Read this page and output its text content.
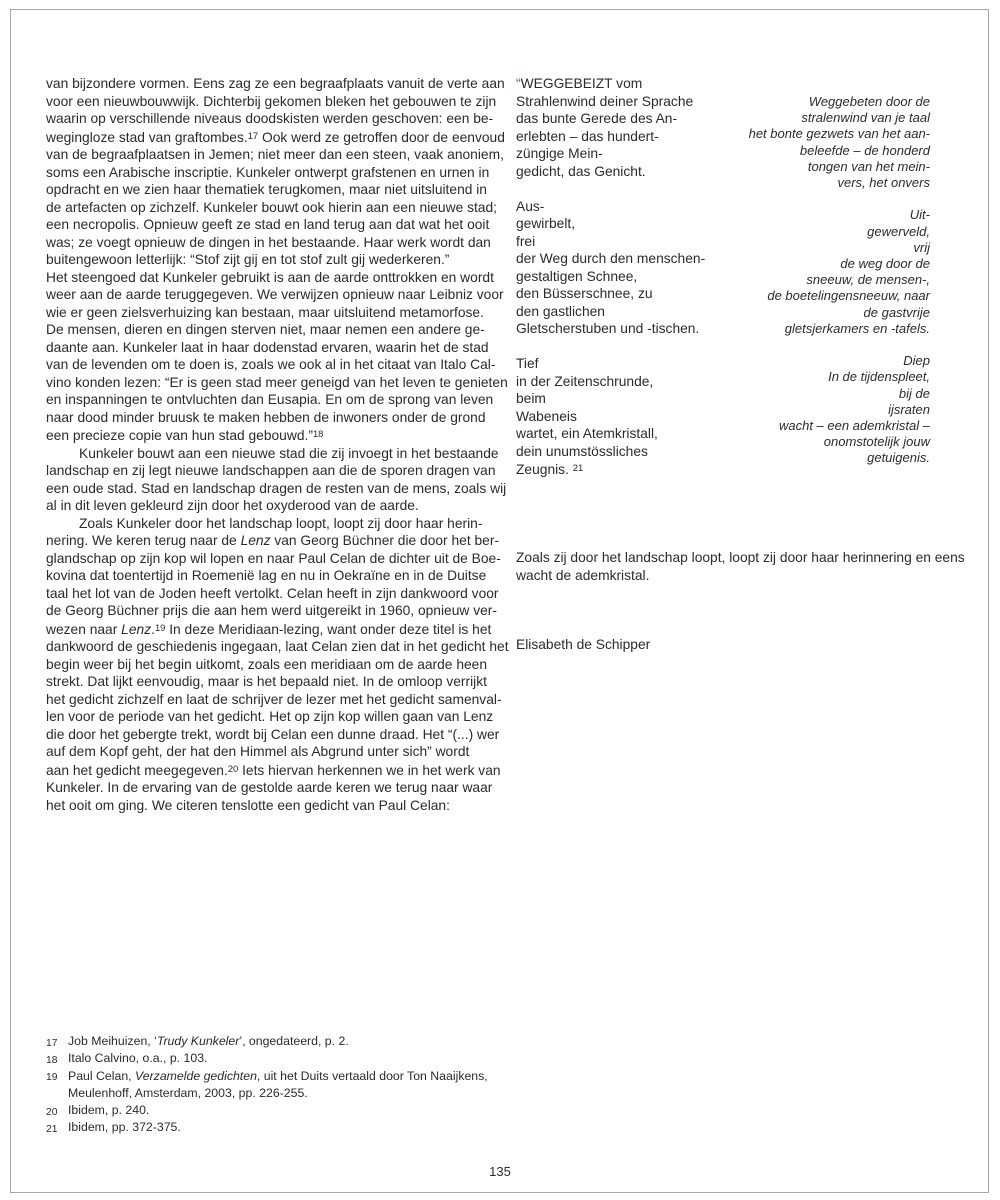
van bijzondere vormen. Eens zag ze een begraafplaats vanuit de verte aan
voor een nieuwbouwwijk. Dichterbij gekomen bleken het gebouwen te zijn
waarin op verschillende niveaus doodskisten werden geschoven: een be-
wegingloze stad van graftombes.$^{17}$ Ook werd ze getroffen door de eenvoud
van de begraafplaatsen in Jemen; niet meer dan een steen, vaak anoniem,
soms een Arabische inscriptie. Kunkeler ontwerpt grafstenen en urnen in
opdracht en we zien haar thematiek terugkomen, maar niet uitsluitend in
de artefacten op zichzelf. Kunkeler bouwt ook hierin aan een nieuwe stad;
een necropolis. Opnieuw geeft ze stad en land terug aan dat wat het ooit
was; ze voegt opnieuw de dingen in het bestaande. Haar werk wordt dan
buitengewoon letterlijk: “Stof zijt gij en tot stof zult gij wederkeren.”
Het steengoed dat Kunkeler gebruikt is aan de aarde onttrokken en wordt
weer aan de aarde teruggegeven. We verwijzen opnieuw naar Leibniz voor
wie er geen zielsverhuizing kan bestaan, maar uitsluitend metamorfose.
De mensen, dieren en dingen sterven niet, maar nemen een andere ge-
daante aan. Kunkeler laat in haar dodenstad ervaren, waarin het de stad
van de levenden om te doen is, zoals we ook al in het citaat van Italo Cal-
vino konden lezen: “Er is geen stad meer geneigd van het leven te genieten
en inspanningen te ontvluchten dan Eusapia. En om de sprong van leven
naar dood minder bruusk te maken hebben de inwoners onder de grond
een precieze copie van hun stad gebouwd.”$^{18}$
Kunkeler bouwt aan een nieuwe stad die zij invoegt in het bestaande
landschap en zij legt nieuwe landschappen aan die de sporen dragen van
een oude stad. Stad en landschap dragen de resten van de mens, zoals wij
al in dit leven gekleurd zijn door het oxyderood van de aarde.
Zoals Kunkeler door het landschap loopt, loopt zij door haar herin-
nering. We keren terug naar de Lenz van Georg Büchner die door het ber-
glandschap op zijn kop wil lopen en naar Paul Celan de dichter uit de Boe-
kovina dat toentertijd in Roemenië lag en nu in Oekraïne en in de Duitse
taal het lot van de Joden heeft vertolkt. Celan heeft in zijn dankwoord voor
de Georg Büchner prijs die aan hem werd uitgereikt in 1960, opnieuw ver-
wezen naar Lenz.$^{19}$ In deze Meridiaan-lezing, want onder deze titel is het
dankwoord de geschiedenis ingegaan, laat Celan zien dat in het gedicht het
begin weer bij het begin uitkomt, zoals een meridiaan om de aarde heen
strekt. Dat lijkt eenvoudig, maar is het bepaald niet. In de omloop verrijkt
het gedicht zichzelf en laat de schrijver de lezer met het gedicht samenval-
len voor de periode van het gedicht. Het op zijn kop willen gaan van Lenz
die door het gebergte trekt, wordt bij Celan een dunne draad. Het “(...) wer
auf dem Kopf geht, der hat den Himmel als Abgrund unter sich” wordt
aan het gedicht meegegeven.$^{20}$ Iets hiervan herkennen we in het werk van
Kunkeler. In de ervaring van de gestolde aarde keren we terug naar waar
het ooit om ging. We citeren tenslotte een gedicht van Paul Celan:
“WEGGEBEIZT vom
Strahlenwind deiner Sprache
das bunte Gerede des An-
erlebten – das hundert-
züngige Mein-
gedicht, das Genicht.

Aus-
gewirbelt,
frei
der Weg durch den menschen-
gestaltigen Schnee,
den Büsserschnee, zu
den gastlichen
Gletscherstuben und -tischen.

Tief
in der Zeitenschrunde,
beim
Wabeneis
wartet, ein Atemkristall,
dein unumstössliches
Zeugnis. $^{21}$
Weggebeten door de
stralenwind van je taal
het bonte gezwets van het aan-
beleefde – de honderd
tongen van het mein-
vers, het onvers

Uit-
gewerveld,
vrij
de weg door de
sneeuw, de mensen-,
de boetelingensneeuw, naar
de gastvrije
gletsjerkamers en -tafels.

Diep
In de tijdenspleet,
bij de
ijsraten
wacht – een ademkristal –
onomstotelijk jouw
getuigenis.
Zoals zij door het landschap loopt, loopt zij door haar herinnering en eens
wacht de ademkristal.
Elisabeth de Schipper
17 Job Meihuizen, ‘Trudy Kunkeler’, ongedateerd, p. 2.
18 Italo Calvino, o.a., p. 103.
19 Paul Celan, Verzamelde gedichten, uit het Duits vertaald door Ton Naaijkens,
Meulenhoff, Amsterdam, 2003, pp. 226-255.
20 Ibidem, p. 240.
21 Ibidem, pp. 372-375.
135
